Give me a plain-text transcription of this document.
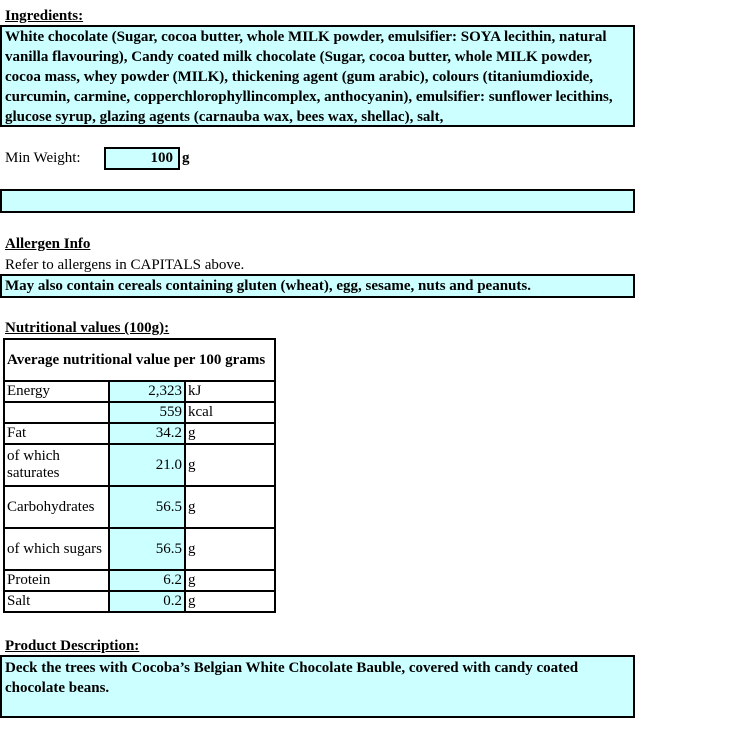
Ingredients:
White chocolate (Sugar, cocoa butter, whole MILK powder, emulsifier: SOYA lecithin, natural vanilla flavouring), Candy coated milk chocolate (Sugar, cocoa butter, whole MILK powder, cocoa mass, whey powder (MILK), thickening agent (gum arabic), colours (titaniumdioxide, curcumin, carmine, copperchlorophyllincomplex, anthocyanin), emulsifier: sunflower lecithins, glucose syrup, glazing agents (carnauba wax, bees wax, shellac), salt,
Min Weight:	100 g
Allergen Info
Refer to allergens in CAPITALS above.
May also contain cereals containing gluten (wheat), egg, sesame, nuts and peanuts.
Nutritional values (100g):
Average nutritional value per 100 grams		
Energy	2,323	kJ
	559	kcal
Fat	34.2	g
of which saturates	21.0	g
Carbohydrates	56.5	g
of which sugars	56.5	g
Protein	6.2	g
Salt	0.2	g
Product Description:
Deck the trees with Cocoba’s Belgian White Chocolate Bauble, covered with candy coated chocolate beans.
